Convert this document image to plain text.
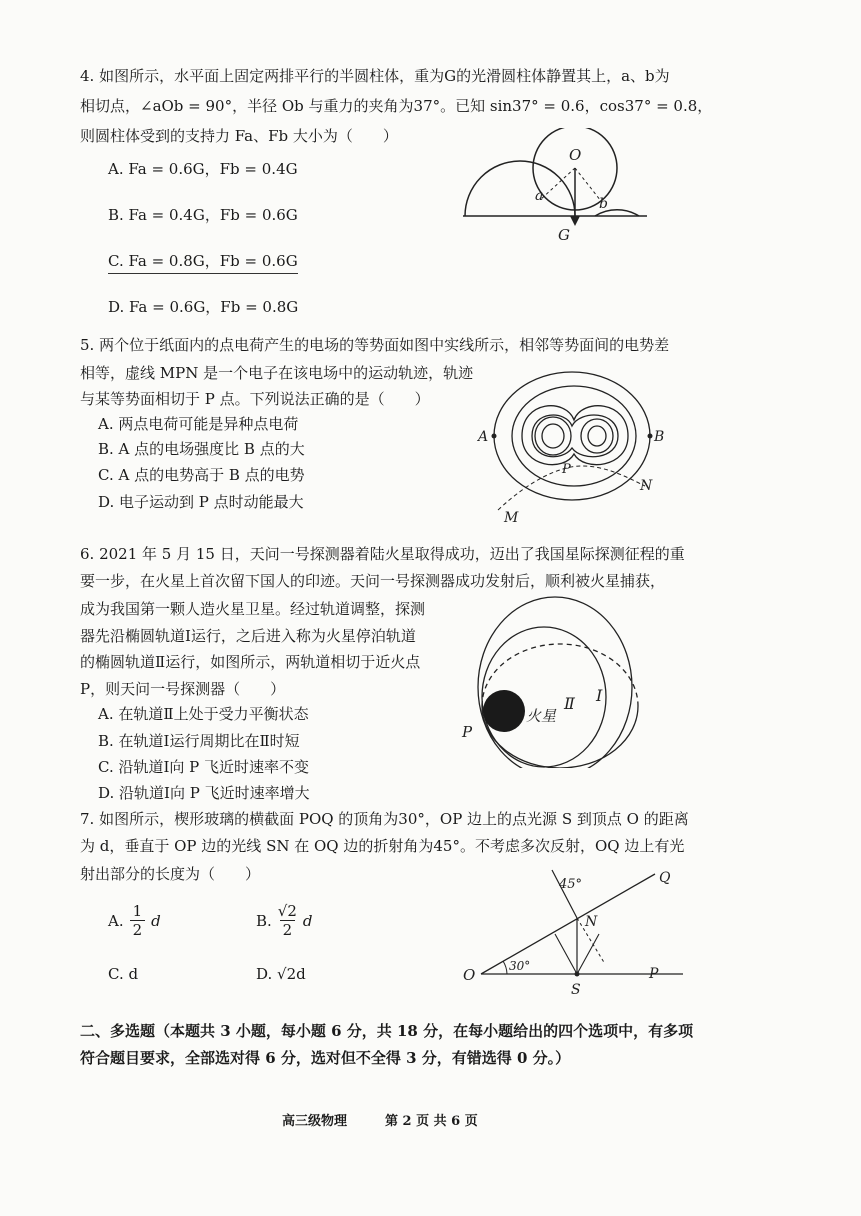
4. 如图所示，水平面上固定两排平行的半圆柱体，重为G的光滑圆柱体静置其上，a、b为
相切点，∠aOb = 90°，半径 Ob 与重力的夹角为37°。已知 sin37° = 0.6，cos37° = 0.8，
则圆柱体受到的支持力 Fa、Fb 大小为（　　）
A. Fa = 0.6G，Fb = 0.4G
B. Fa = 0.4G，Fb = 0.6G
C. Fa = 0.8G，Fb = 0.6G
D. Fa = 0.6G，Fb = 0.8G
O
a	b
G
5. 两个位于纸面内的点电荷产生的电场的等势面如图中实线所示，相邻等势面间的电势差
相等，虚线 MPN 是一个电子在该电场中的运动轨迹，轨迹
与某等势面相切于 P 点。下列说法正确的是（　　）
A. 两点电荷可能是异种点电荷
B. A 点的电场强度比 B 点的大
C. A 点的电势高于 B 点的电势
D. 电子运动到 P 点时动能最大
A	B
P
N
M
6. 2021 年 5 月 15 日，天问一号探测器着陆火星取得成功，迈出了我国星际探测征程的重
要一步，在火星上首次留下国人的印迹。天问一号探测器成功发射后，顺利被火星捕获，
成为我国第一颗人造火星卫星。经过轨道调整，探测
器先沿椭圆轨道Ⅰ运行，之后进入称为火星停泊轨道
的椭圆轨道Ⅱ运行，如图所示，两轨道相切于近火点
P，则天问一号探测器（　　）
A. 在轨道Ⅱ上处于受力平衡状态
B. 在轨道Ⅰ运行周期比在Ⅱ时短
C. 沿轨道Ⅰ向 P 飞近时速率不变
D. 沿轨道Ⅰ向 P 飞近时速率增大
火星
Ⅱ Ⅰ
P
7. 如图所示，楔形玻璃的横截面 POQ 的顶角为30°，OP 边上的点光源 S 到顶点 O 的距离
为 d，垂直于 OP 边的光线 SN 在 OQ 边的折射角为45°。不考虑多次反射，OQ 边上有光
射出部分的长度为（　　）
A. $\frac{1}{2}$ d	B. $\frac{√2}{2}$ d
C. d	D. √2d
45°	Q
N
30°
O
S
P
二、多选题（本题共 3 小题，每小题 6 分，共 18 分，在每小题给出的四个选项中，有多项
符合题目要求，全部选对得 6 分，选对但不全得 3 分，有错选得 0 分。）
高三级物理	第 2 页 共 6 页
